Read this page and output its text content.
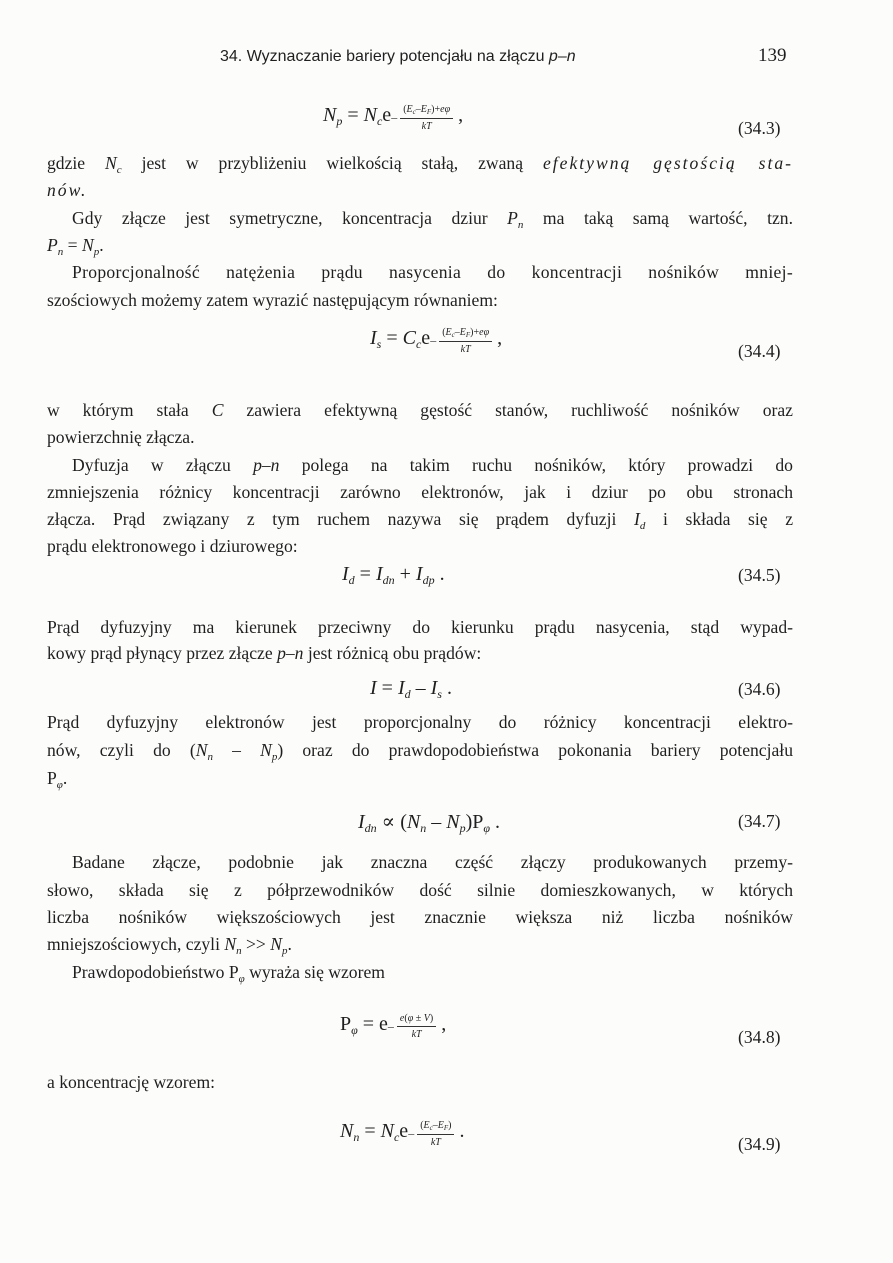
34. Wyznaczanie bariery potencjału na złączu p–n	139
gdzie $N_c$ jest w przybliżeniu wielkością stałą, zwaną efektywną gęstością sta-
nów.
Gdy złącze jest symetryczne, koncentracja dziur $P_n$ ma taką samą wartość, tzn.
$P_n = N_p$.
Proporcjonalność natężenia prądu nasycenia do koncentracji nośników mniej-
szościowych możemy zatem wyrazić następującym równaniem:
w którym stała C zawiera efektywną gęstość stanów, ruchliwość nośników oraz
powierzchnię złącza.
Dyfuzja w złączu p–n polega na takim ruchu nośników, który prowadzi do
zmniejszenia różnicy koncentracji zarówno elektronów, jak i dziur po obu stronach
złącza. Prąd związany z tym ruchem nazywa się prądem dyfuzji $I_d$ i składa się z
prądu elektronowego i dziurowego:
Prąd dyfuzyjny ma kierunek przeciwny do kierunku prądu nasycenia, stąd wypad-
kowy prąd płynący przez złącze p–n jest różnicą obu prądów:
Prąd dyfuzyjny elektronów jest proporcjonalny do różnicy koncentracji elektro-
nów, czyli do $(N_n - N_p)$ oraz do prawdopodobieństwa pokonania bariery potencjału
$P_\varphi$.
Badane złącze, podobnie jak znaczna część złączy produkowanych przemy-
słowo, składa się z półprzewodników dość silnie domieszkowanych, w których
liczba nośników większościowych jest znacznie większa niż liczba nośników
mniejszościowych, czyli $N_n >> N_p$.
Prawdopodobieństwo $P_\varphi$ wyraża się wzorem
a koncentrację wzorem:
$N_p = N_ce - \frac{(E_c-E_F)+e\varphi}{kT}$ ,
(34.3)
$I_s = C_ce - \frac{(E_c-E_F)+e\varphi}{kT}$ ,
(34.4)
$I_d = I_{dn} + I_{dp}$ .	(34.5)
$I = I_d - I_s$ .	(34.6)
$I_{dn} \propto (N_n - N_p)P_\varphi$ .	(34.7)
$P_\varphi = e - \frac{e(\varphi \pm V)}{kT}$ ,
(34.8)
$N_n = N_ce - \frac{(E_c-E_F)}{kT}$ .
(34.9)
